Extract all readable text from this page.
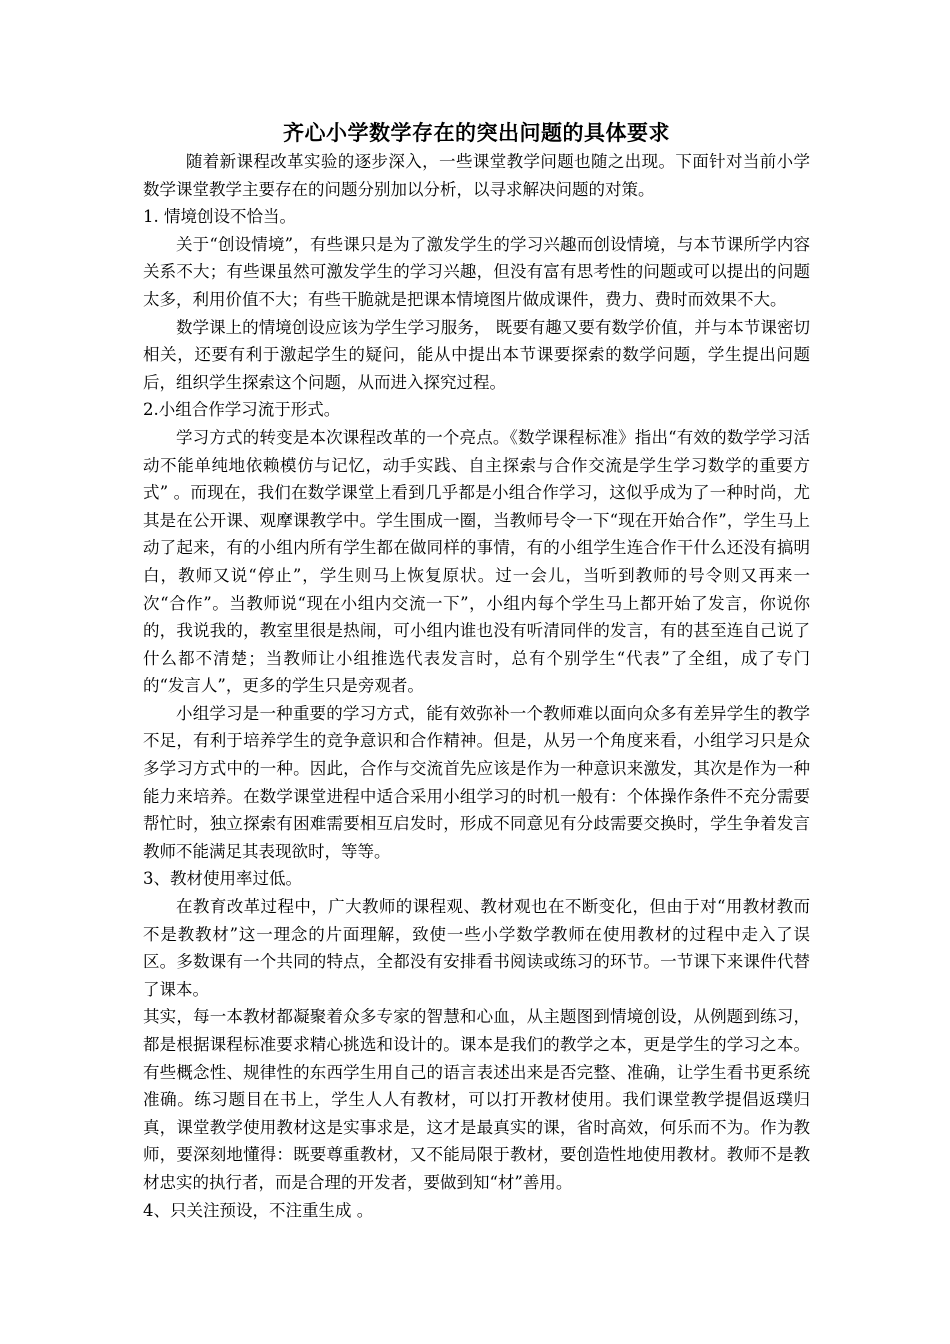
齐心小学数学存在的突出问题的具体要求

随着新课程改革实验的逐步深入，一些课堂教学问题也随之出现。下面针对当前小学数学课堂教学主要存在的问题分别加以分析，以寻求解决问题的对策。

1. 情境创设不恰当。

关于“创设情境”，有些课只是为了激发学生的学习兴趣而创设情境，与本节课所学内容关系不大；有些课虽然可激发学生的学习兴趣，但没有富有思考性的问题或可以提出的问题太多，利用价值不大；有些干脆就是把课本情境图片做成课件，费力、费时而效果不大。

数学课上的情境创设应该为学生学习服务， 既要有趣又要有数学价值，并与本节课密切相关，还要有利于激起学生的疑问，能从中提出本节课要探索的数学问题，学生提出问题后，组织学生探索这个问题，从而进入探究过程。

2.小组合作学习流于形式。

学习方式的转变是本次课程改革的一个亮点。《数学课程标准》指出“有效的数学学习活动不能单纯地依赖模仿与记忆，动手实践、自主探索与合作交流是学生学习数学的重要方式” 。而现在，我们在数学课堂上看到几乎都是小组合作学习，这似乎成为了一种时尚，尤其是在公开课、观摩课教学中。学生围成一圈，当教师号令一下“现在开始合作”，学生马上动了起来，有的小组内所有学生都在做同样的事情，有的小组学生连合作干什么还没有搞明白，教师又说“停止”，学生则马上恢复原状。过一会儿，当听到教师的号令则又再来一次“合作”。当教师说“现在小组内交流一下”，小组内每个学生马上都开始了发言，你说你的，我说我的，教室里很是热闹，可小组内谁也没有听清同伴的发言，有的甚至连自己说了什么都不清楚；当教师让小组推选代表发言时，总有个别学生“代表”了全组，成了专门的“发言人”，更多的学生只是旁观者。

小组学习是一种重要的学习方式，能有效弥补一个教师难以面向众多有差异学生的教学不足，有利于培养学生的竞争意识和合作精神。但是，从另一个角度来看，小组学习只是众多学习方式中的一种。因此，合作与交流首先应该是作为一种意识来激发，其次是作为一种能力来培养。在数学课堂进程中适合采用小组学习的时机一般有：个体操作条件不充分需要帮忙时，独立探索有困难需要相互启发时，形成不同意见有分歧需要交换时，学生争着发言教师不能满足其表现欲时，等等。

3、教材使用率过低。

在教育改革过程中，广大教师的课程观、教材观也在不断变化，但由于对“用教材教而不是教教材”这一理念的片面理解，致使一些小学数学教师在使用教材的过程中走入了误区。多数课有一个共同的特点，全都没有安排看书阅读或练习的环节。一节课下来课件代替了课本。

其实，每一本教材都凝聚着众多专家的智慧和心血，从主题图到情境创设，从例题到练习，都是根据课程标准要求精心挑选和设计的。课本是我们的教学之本，更是学生的学习之本。有些概念性、规律性的东西学生用自己的语言表述出来是否完整、准确，让学生看书更系统准确。练习题目在书上，学生人人有教材，可以打开教材使用。我们课堂教学提倡返璞归真，课堂教学使用教材这是实事求是，这才是最真实的课，省时高效，何乐而不为。作为教师，要深刻地懂得：既要尊重教材，又不能局限于教材，要创造性地使用教材。教师不是教材忠实的执行者，而是合理的开发者，要做到知“材”善用。

4、只关注预设，不注重生成 。
